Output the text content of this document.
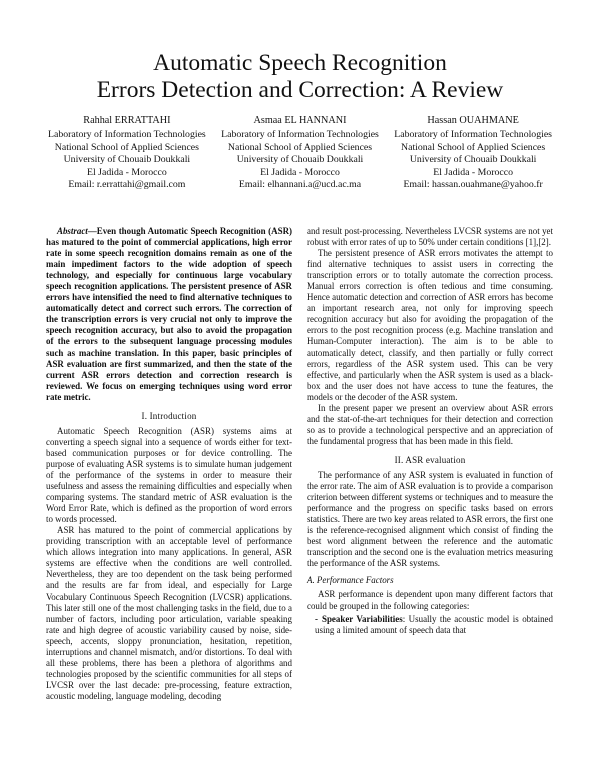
Automatic Speech Recognition
Errors Detection and Correction: A Review
Rahhal ERRATTAHI
Laboratory of Information Technologies
National School of Applied Sciences
University of Chouaib Doukkali
El Jadida - Morocco
Email: r.errattahi@gmail.com
Asmaa EL HANNANI
Laboratory of Information Technologies
National School of Applied Sciences
University of Chouaib Doukkali
El Jadida - Morocco
Email: elhannani.a@ucd.ac.ma
Hassan OUAHMANE
Laboratory of Information Technologies
National School of Applied Sciences
University of Chouaib Doukkali
El Jadida - Morocco
Email: hassan.ouahmane@yahoo.fr

Abstract—Even though Automatic Speech Recognition (ASR) has matured to the point of commercial applications, high error rate in some speech recognition domains remain as one of the main impediment factors to the wide adoption of speech technology, and especially for continuous large vocabulary speech recognition applications. The persistent presence of ASR errors have intensified the need to find alternative techniques to automatically detect and correct such errors. The correction of the transcription errors is very crucial not only to improve the speech recognition accuracy, but also to avoid the propagation of the errors to the subsequent language processing modules such as machine translation. In this paper, basic principles of ASR evaluation are first summarized, and then the state of the current ASR errors detection and correction research is reviewed. We focus on emerging techniques using word error rate metric.

I. Introduction

Automatic Speech Recognition (ASR) systems aims at converting a speech signal into a sequence of words either for text-based communication purposes or for device controlling. The purpose of evaluating ASR systems is to simulate human judgement of the performance of the systems in order to measure their usefulness and assess the remaining difficulties and especially when comparing systems. The standard metric of ASR evaluation is the Word Error Rate, which is defined as the proportion of word errors to words processed.

ASR has matured to the point of commercial applications by providing transcription with an acceptable level of performance which allows integration into many applications. In general, ASR systems are effective when the conditions are well controlled. Nevertheless, they are too dependent on the task being performed and the results are far from ideal, and especially for Large Vocabulary Continuous Speech Recognition (LVCSR) applications. This later still one of the most challenging tasks in the field, due to a number of factors, including poor articulation, variable speaking rate and high degree of acoustic variability caused by noise, side-speech, accents, sloppy pronunciation, hesitation, repetition, interruptions and channel mismatch, and/or distortions. To deal with all these problems, there has been a plethora of algorithms and technologies proposed by the scientific communities for all steps of LVCSR over the last decade: pre-processing, feature extraction, acoustic modeling, language modeling, decoding

and result post-processing. Nevertheless LVCSR systems are not yet robust with error rates of up to 50% under certain conditions [1],[2].

The persistent presence of ASR errors motivates the attempt to find alternative techniques to assist users in correcting the transcription errors or to totally automate the correction process. Manual errors correction is often tedious and time consuming. Hence automatic detection and correction of ASR errors has become an important research area, not only for improving speech recognition accuracy but also for avoiding the propagation of the errors to the post recognition process (e.g. Machine translation and Human-Computer interaction). The aim is to be able to automatically detect, classify, and then partially or fully correct errors, regardless of the ASR system used. This can be very effective, and particularly when the ASR system is used as a black-box and the user does not have access to tune the features, the models or the decoder of the ASR system.

In the present paper we present an overview about ASR errors and the stat-of-the-art techniques for their detection and correction so as to provide a technological perspective and an appreciation of the fundamental progress that has been made in this field.

II. ASR evaluation

The performance of any ASR system is evaluated in function of the error rate. The aim of ASR evaluation is to provide a comparison criterion between different systems or techniques and to measure the performance and the progress on specific tasks based on errors statistics. There are two key areas related to ASR errors, the first one is the reference-recognised alignment which consist of finding the best word alignment between the reference and the automatic transcription and the second one is the evaluation metrics measuring the performance of the ASR systems.

A. Performance Factors

ASR performance is dependent upon many different factors that could be grouped in the following categories:

- Speaker Variabilities: Usually the acoustic model is obtained using a limited amount of speech data that
